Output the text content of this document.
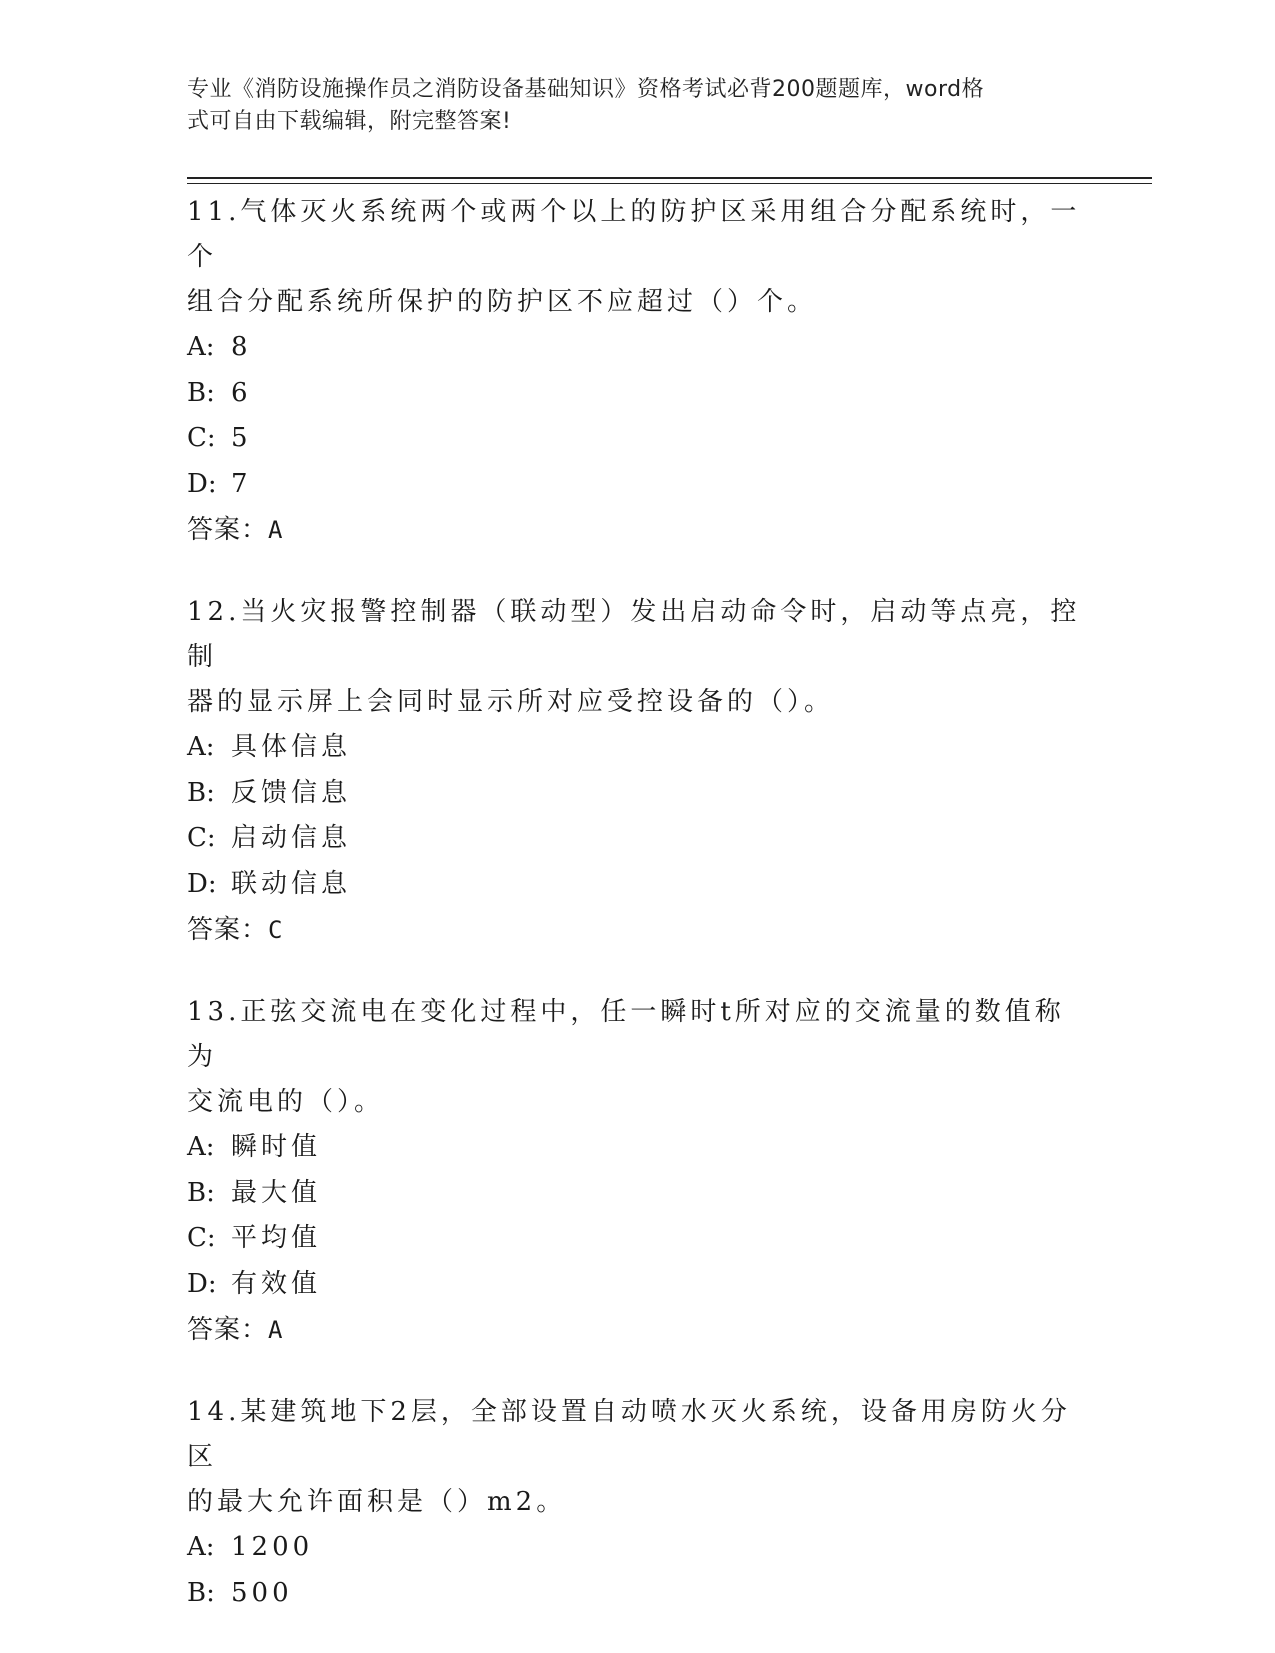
专业《消防设施操作员之消防设备基础知识》资格考试必背200题题库，word格
式可自由下载编辑，附完整答案!

11.气体灭火系统两个或两个以上的防护区采用组合分配系统时，一个
组合分配系统所保护的防护区不应超过（）个。

A: 8

B: 6

C: 5

D: 7

答案：A

12.当火灾报警控制器（联动型）发出启动命令时，启动等点亮，控制
器的显示屏上会同时显示所对应受控设备的（）。

A: 具体信息

B: 反馈信息

C: 启动信息

D: 联动信息

答案：C

13.正弦交流电在变化过程中，任一瞬时t所对应的交流量的数值称为
交流电的（）。

A: 瞬时值

B: 最大值

C: 平均值

D: 有效值

答案：A

14.某建筑地下2层，全部设置自动喷水灭火系统，设备用房防火分区
的最大允许面积是（）m2。

A: 1200

B: 500
